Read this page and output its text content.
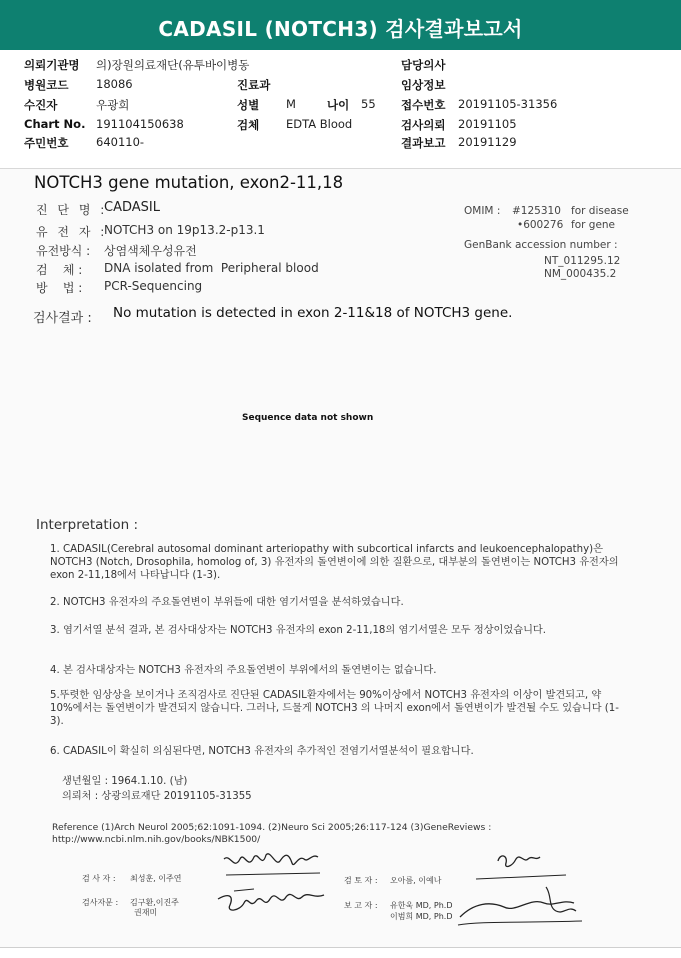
CADASIL (NOTCH3) 검사결과보고서
의뢰기관명 의)장원의료재단(유투바이병동	담당의사
병원코드 18086	진료과	임상정보
수진자	우광희	성별 M	나이 55 접수번호 20191105-31356
Chart No. 191104150638	검체 EDTA Blood	검사의뢰 20191105
주민번호 640110-	결과보고 20191129
NOTCH3 gene mutation, exon2-11,18
진 단 명 :
CADASIL
유 전 자 :
NOTCH3 on 19p13.2-p13.1
유전방식 : 상염색체우성유전
검    체 : DNA isolated from  Peripheral blood
방    법 : PCR-Sequencing
OMIM : #125310 for disease
•600276 for gene
GenBank accession number :
NT_011295.12
NM_000435.2
검사결과 : No mutation is detected in exon 2-11&18 of NOTCH3 gene.
Sequence data not shown
Interpretation :
1. CADASIL(Cerebral autosomal dominant arteriopathy with subcortical infarcts and leukoencephalopathy)은 NOTCH3 (Notch, Drosophila, homolog of, 3) 유전자의 돌연변이에 의한 질환으로, 대부분의 돌연변이는 NOTCH3 유전자의 exon 2-11,18에서 나타납니다 (1-3).
2. NOTCH3 유전자의 주요돌연변이 부위들에 대한 염기서열을 분석하였습니다.
3. 염기서열 분석 결과, 본 검사대상자는 NOTCH3 유전자의 exon 2-11,18의 염기서열은 모두 정상이었습니다.
4. 본 검사대상자는 NOTCH3 유전자의 주요돌연변이 부위에서의 돌연변이는 없습니다.
5.뚜렷한 임상상을 보이거나 조직검사로 진단된 CADASIL환자에서는 90%이상에서 NOTCH3 유전자의 이상이 발견되고, 약 10%에서는 돌연변이가 발견되지 않습니다. 그러나, 드물게 NOTCH3 의 나머지 exon에서 돌연변이가 발견될 수도 있습니다 (1-3).
6. CADASIL이 확실히 의심된다면, NOTCH3 유전자의 추가적인 전염기서열분석이 필요합니다.
생년월일 : 1964.1.10. (남)
의뢰처 : 상광의료재단 20191105-31355
Reference (1)Arch Neurol 2005;62:1091-1094. (2)Neuro Sci 2005;26:117-124 (3)GeneReviews : http://www.ncbi.nlm.nih.gov/books/NBK1500/
검 사 자 : 최성훈, 이주연
검사자문 : 김구환,이진주
권재미
검 토 자 : 오아름, 이예나
보 고 자 : 유한욱 MD, Ph.D
이범희 MD, Ph.D
